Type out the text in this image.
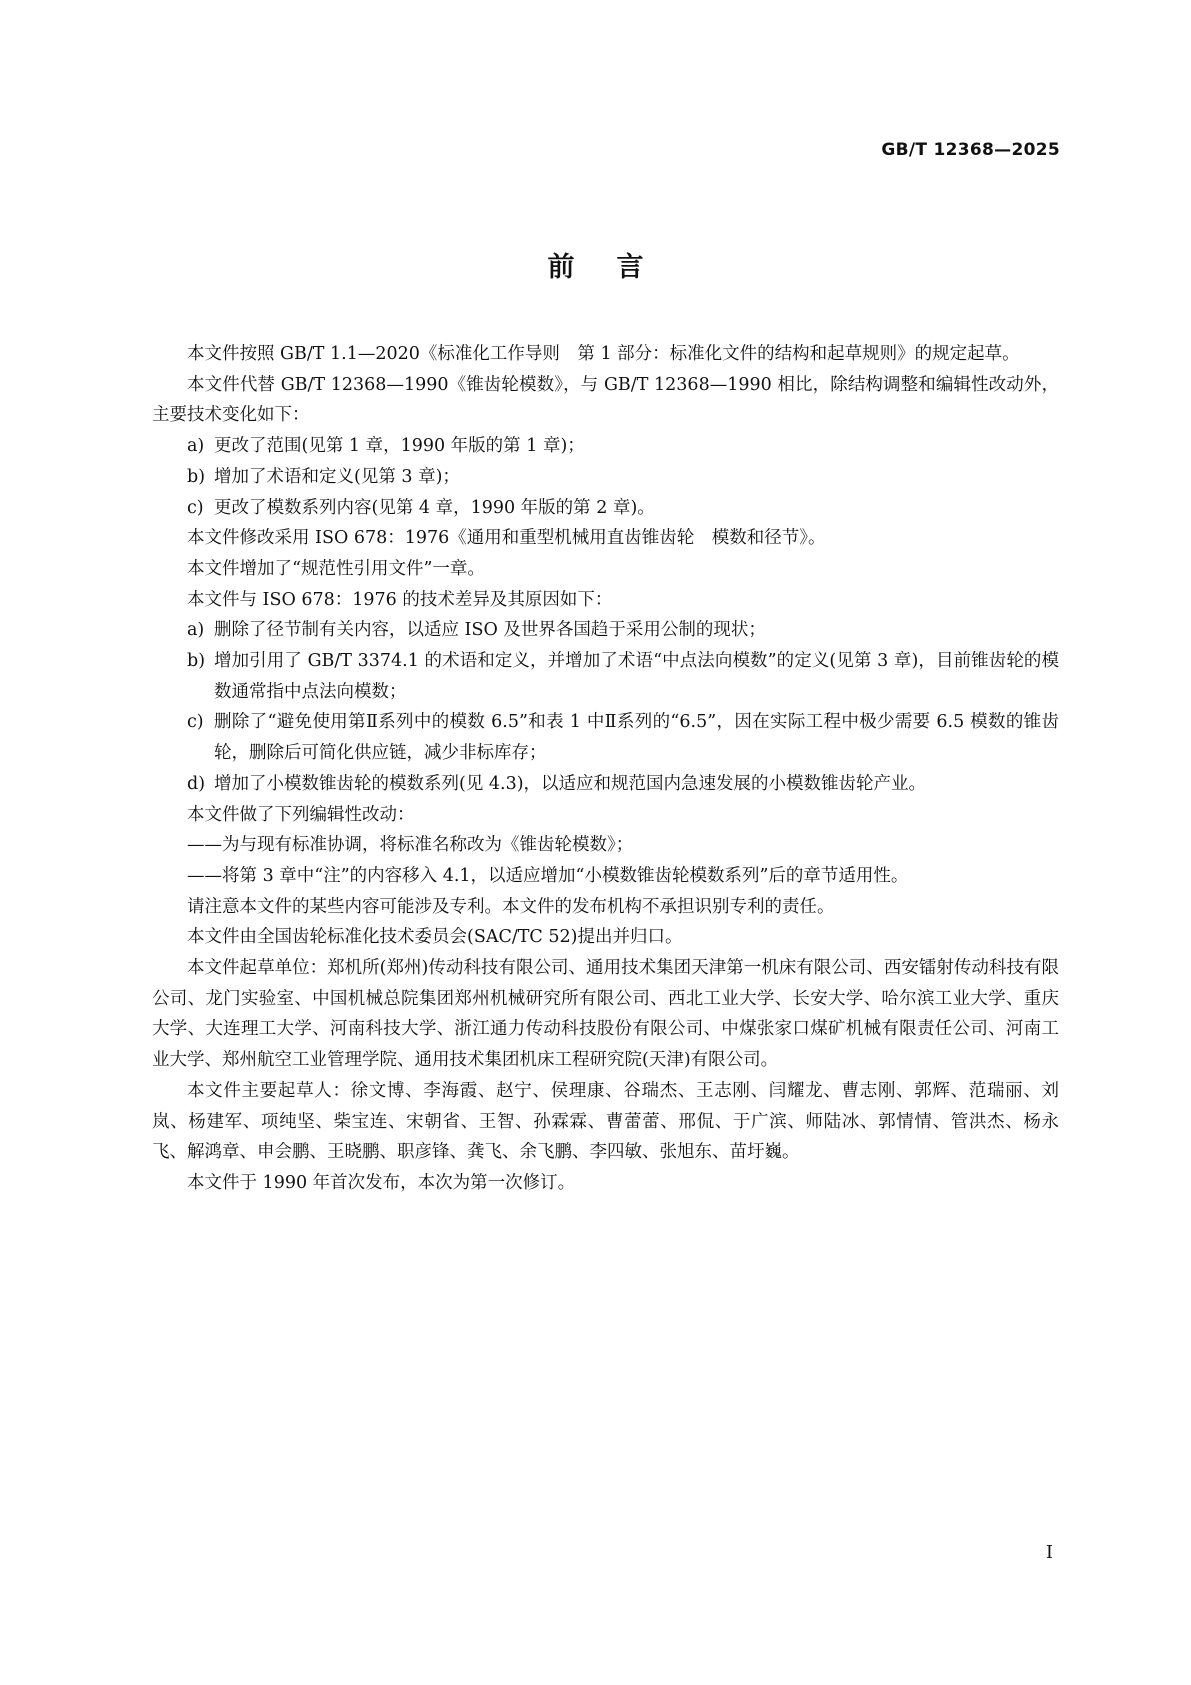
GB/T 12368—2025
前言

本文件按照 GB/T 1.1—2020《标准化工作导则　第 1 部分：标准化文件的结构和起草规则》的规定起草。

本文件代替 GB/T 12368—1990《锥齿轮模数》，与 GB/T 12368—1990 相比，除结构调整和编辑性改动外，主要技术变化如下：

a) 更改了范围(见第 1 章，1990 年版的第 1 章)；
b) 增加了术语和定义(见第 3 章)；
c) 更改了模数系列内容(见第 4 章，1990 年版的第 2 章)。

本文件修改采用 ISO 678：1976《通用和重型机械用直齿锥齿轮　模数和径节》。

本文件增加了“规范性引用文件”一章。

本文件与 ISO 678：1976 的技术差异及其原因如下：

a) 删除了径节制有关内容，以适应 ISO 及世界各国趋于采用公制的现状；
b) 增加引用了 GB/T 3374.1 的术语和定义，并增加了术语“中点法向模数”的定义(见第 3 章)，目前锥齿轮的模数通常指中点法向模数；
c) 删除了“避免使用第Ⅱ系列中的模数 6.5”和表 1 中Ⅱ系列的“6.5”，因在实际工程中极少需要 6.5 模数的锥齿轮，删除后可简化供应链，减少非标库存；
d) 增加了小模数锥齿轮的模数系列(见 4.3)，以适应和规范国内急速发展的小模数锥齿轮产业。

本文件做了下列编辑性改动：

——为与现有标准协调，将标准名称改为《锥齿轮模数》；
——将第 3 章中“注”的内容移入 4.1，以适应增加“小模数锥齿轮模数系列”后的章节适用性。

请注意本文件的某些内容可能涉及专利。本文件的发布机构不承担识别专利的责任。

本文件由全国齿轮标准化技术委员会(SAC/TC 52)提出并归口。

本文件起草单位：郑机所(郑州)传动科技有限公司、通用技术集团天津第一机床有限公司、西安镭射传动科技有限公司、龙门实验室、中国机械总院集团郑州机械研究所有限公司、西北工业大学、长安大学、哈尔滨工业大学、重庆大学、大连理工大学、河南科技大学、浙江通力传动科技股份有限公司、中煤张家口煤矿机械有限责任公司、河南工业大学、郑州航空工业管理学院、通用技术集团机床工程研究院(天津)有限公司。

本文件主要起草人：徐文博、李海霞、赵宁、侯理康、谷瑞杰、王志刚、闫耀龙、曹志刚、郭辉、范瑞丽、刘岚、杨建军、项纯坚、柴宝连、宋朝省、王智、孙霖霖、曹蕾蕾、邢侃、于广滨、师陆冰、郭情情、管洪杰、杨永飞、解鸿章、申会鹏、王晓鹏、职彦锋、龚飞、余飞鹏、李四敏、张旭东、苗圩巍。

本文件于 1990 年首次发布，本次为第一次修订。

I
